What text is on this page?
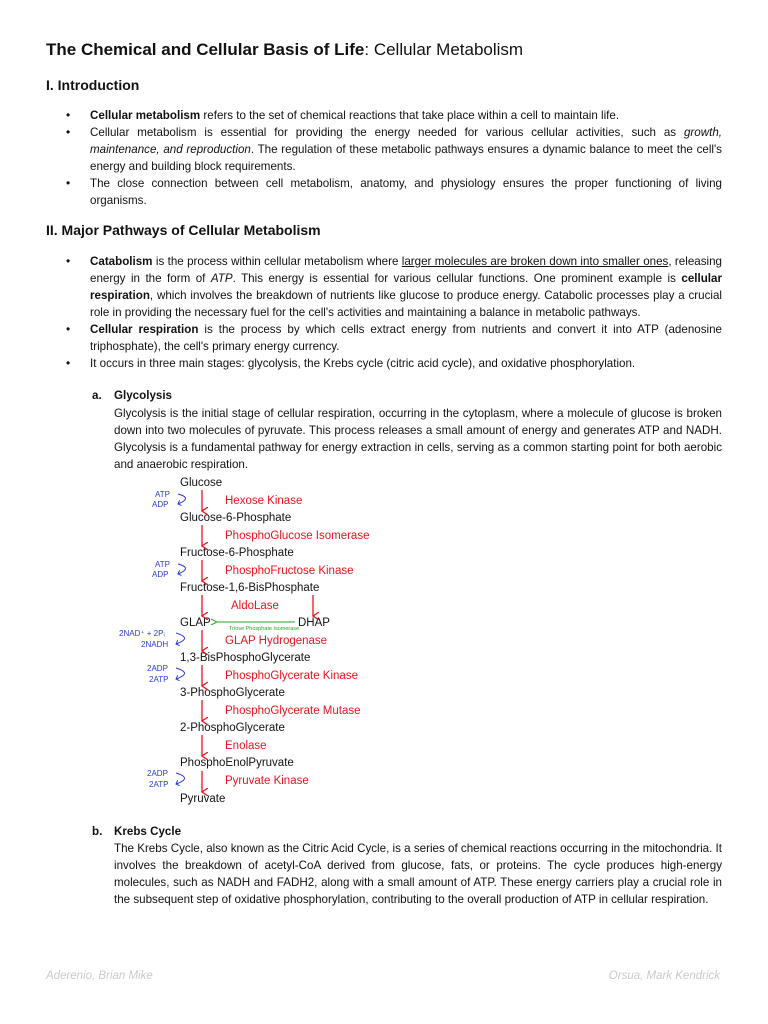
The Chemical and Cellular Basis of Life: Cellular Metabolism
I. Introduction
• Cellular metabolism refers to the set of chemical reactions that take place within a cell to maintain life.
• Cellular metabolism is essential for providing the energy needed for various cellular activities, such as growth, maintenance, and reproduction. The regulation of these metabolic pathways ensures a dynamic balance to meet the cell's energy and building block requirements.
• The close connection between cell metabolism, anatomy, and physiology ensures the proper functioning of living organisms.
II. Major Pathways of Cellular Metabolism
• Catabolism is the process within cellular metabolism where larger molecules are broken down into smaller ones, releasing energy in the form of ATP. This energy is essential for various cellular functions. One prominent example is cellular respiration, which involves the breakdown of nutrients like glucose to produce energy. Catabolic processes play a crucial role in providing the necessary fuel for the cell's activities and maintaining a balance in metabolic pathways.
• Cellular respiration is the process by which cells extract energy from nutrients and convert it into ATP (adenosine triphosphate), the cell's primary energy currency.
• It occurs in three main stages: glycolysis, the Krebs cycle (citric acid cycle), and oxidative phosphorylation.
a. Glycolysis

Glycolysis is the initial stage of cellular respiration, occurring in the cytoplasm, where a molecule of glucose is broken down into two molecules of pyruvate. This process releases a small amount of energy and generates ATP and NADH. Glycolysis is a fundamental pathway for energy extraction in cells, serving as a common starting point for both aerobic and anaerobic respiration.

Glucose
Glucose-6-Phosphate
Fructose-6-Phosphate
Fructose-1,6-BisPhosphate
GLAP	DHAP
1,3-BisPhosphoGlycerate
3-PhosphoGlycerate
2-PhosphoGlycerate
PhosphoEnolPyruvate
Pyruvate
Hexose Kinase
PhosphoGlucose Isomerase
PhosphoFructose Kinase
AldoLase
GLAP Hydrogenase
PhosphoGlycerate Kinase
PhosphoGlycerate Mutase
Enolase
Pyruvate Kinase
Triose Phosphate Isomerase
ATP
ADP
ATP
ADP
2NAD⁺ + 2Pᵢ
2NADH
2ADP
2ATP
2ADP
2ATP
b. Krebs Cycle

The Krebs Cycle, also known as the Citric Acid Cycle, is a series of chemical reactions occurring in the mitochondria. It involves the breakdown of acetyl-CoA derived from glucose, fats, or proteins. The cycle produces high-energy molecules, such as NADH and FADH2, along with a small amount of ATP. These energy carriers play a crucial role in the subsequent step of oxidative phosphorylation, contributing to the overall production of ATP in cellular respiration.

Aderenio, Brian Mike	Orsua, Mark Kendrick
